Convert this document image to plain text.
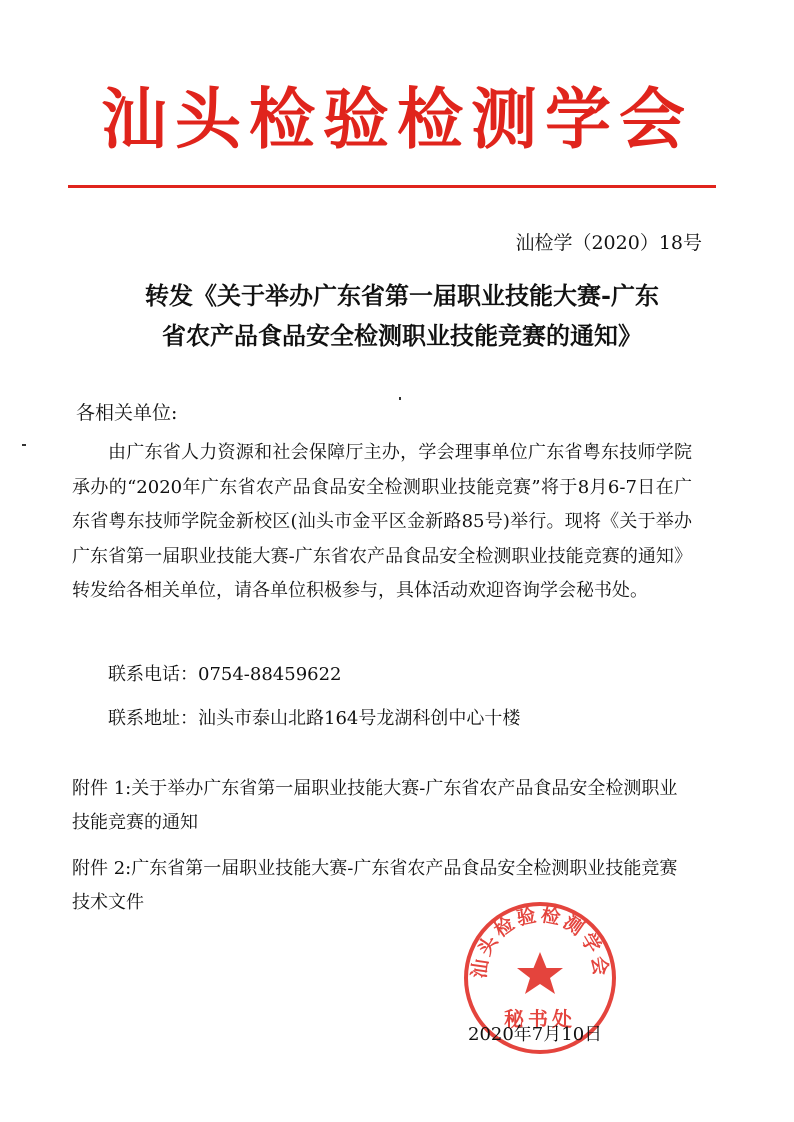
汕头检验检测学会
汕检学（2020）18号
转发《关于举办广东省第一届职业技能大赛-广东
省农产品食品安全检测职业技能竞赛的通知》
各相关单位:
由广东省人力资源和社会保障厅主办，学会理事单位广东省粤东技师学院承办的“2020年广东省农产品食品安全检测职业技能竞赛”将于8月6-7日在广东省粤东技师学院金新校区(汕头市金平区金新路85号)举行。现将《关于举办广东省第一届职业技能大赛-广东省农产品食品安全检测职业技能竞赛的通知》转发给各相关单位，请各单位积极参与，具体活动欢迎咨询学会秘书处。
联系电话：0754-88459622
联系地址：汕头市泰山北路164号龙湖科创中心十楼
附件 1:关于举办广东省第一届职业技能大赛-广东省农产品食品安全检测职业技能竞赛的通知
附件 2:广东省第一届职业技能大赛-广东省农产品食品安全检测职业技能竞赛技术文件
汕头检验检测学会
秘书处
2020年7月10日
